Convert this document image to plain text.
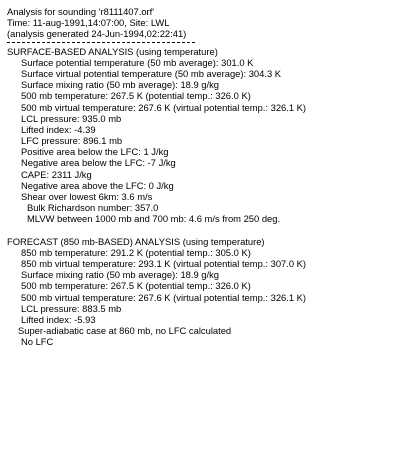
Analysis for sounding 'r8111407.orf'
Time: 11-aug-1991,14:07:00, Site: LWL
(analysis generated 24-Jun-1994,02:22:41)
SURFACE-BASED ANALYSIS (using temperature)
Surface potential temperature (50 mb average): 301.0 K
Surface virtual potential temperature (50 mb average): 304.3 K
Surface mixing ratio (50 mb average): 18.9 g/kg
500 mb temperature: 267.5 K (potential temp.: 326.0 K)
500 mb virtual temperature: 267.6 K (virtual potential temp.: 326.1 K)
LCL pressure: 935.0 mb
Lifted index: -4.39
LFC pressure: 896.1 mb
Positive area below the LFC: 1 J/kg
Negative area below the LFC: -7 J/kg
CAPE: 2311 J/kg
Negative area above the LFC: 0 J/kg
Shear over lowest 6km: 3.6 m/s
Bulk Richardson number: 357.0
MLVW between 1000 mb and 700 mb: 4.6 m/s from 250 deg.
FORECAST (850 mb-BASED) ANALYSIS (using temperature)
850 mb temperature: 291.2 K (potential temp.: 305.0 K)
850 mb virtual temperature: 293.1 K (virtual potential temp.: 307.0 K)
Surface mixing ratio (50 mb average): 18.9 g/kg
500 mb temperature: 267.5 K (potential temp.: 326.0 K)
500 mb virtual temperature: 267.6 K (virtual potential temp.: 326.1 K)
LCL pressure: 883.5 mb
Lifted index: -5.93
Super-adiabatic case at 860 mb, no LFC calculated
No LFC
